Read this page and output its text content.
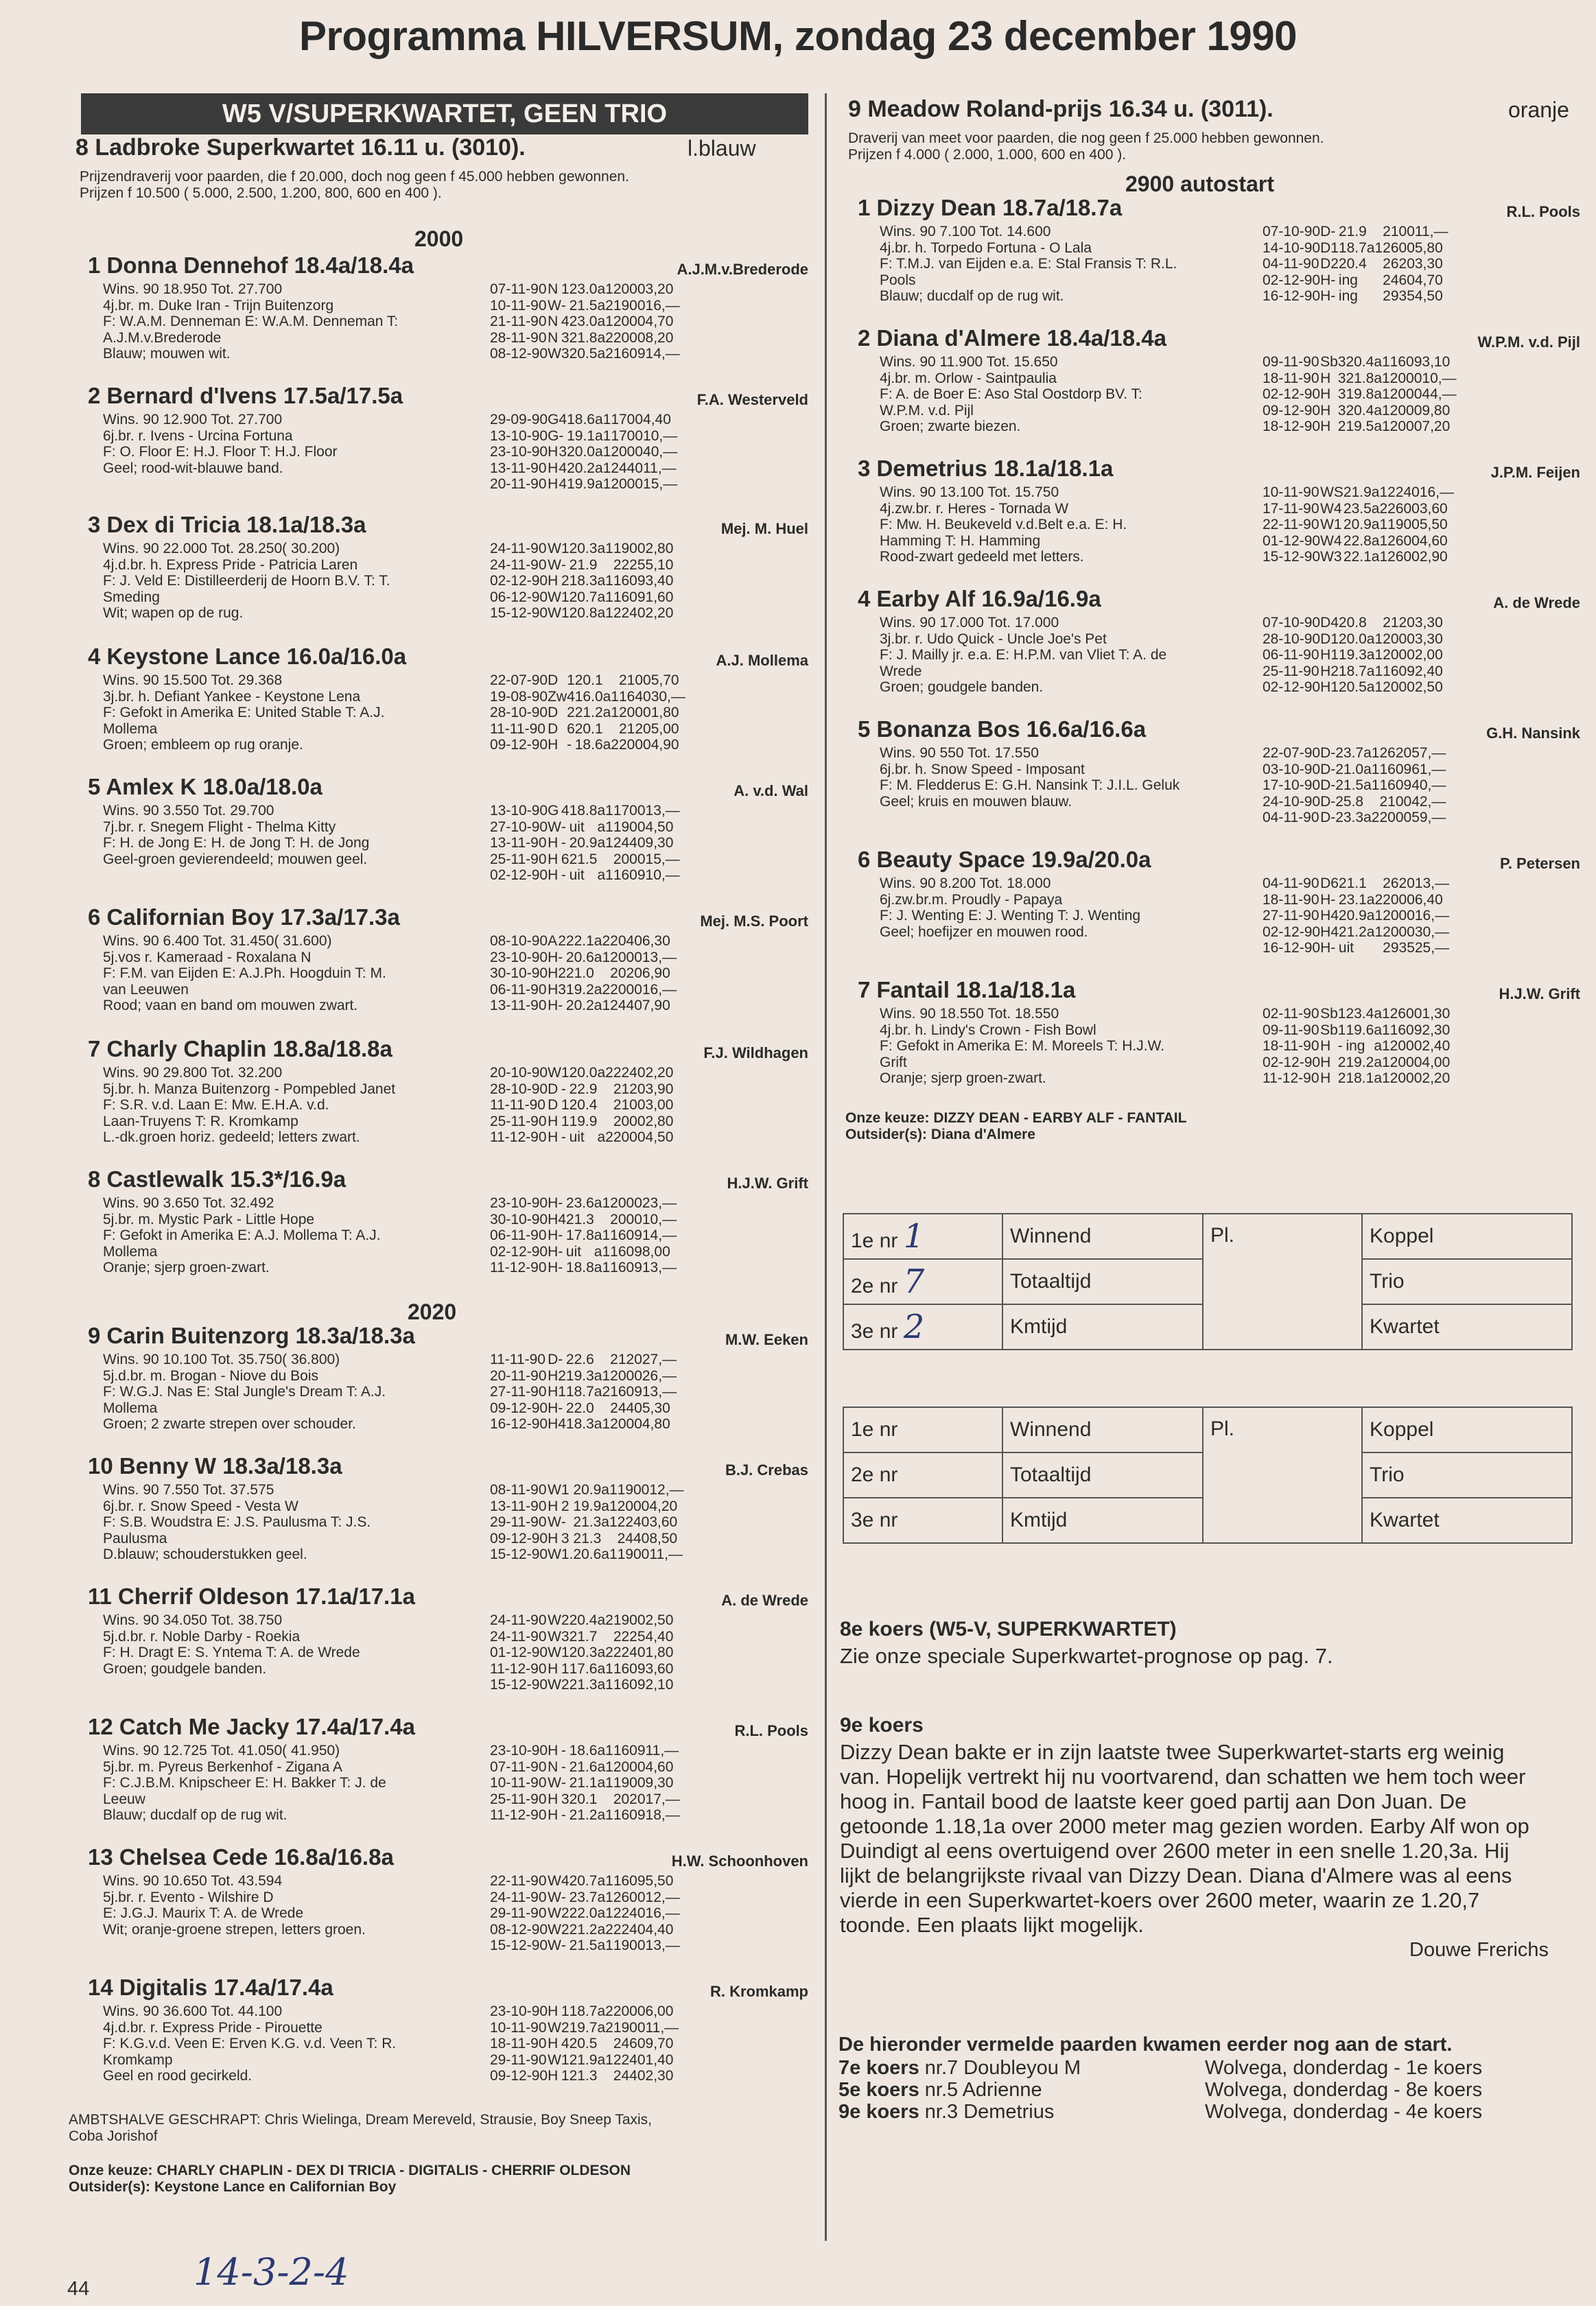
Programma HILVERSUM, zondag 23 december 1990
W5 V/SUPERKWARTET, GEEN TRIO
8 Ladbroke Superkwartet 16.11 u. (3010).	l.blauw
Prijzendraverij voor paarden, die f 20.000, doch nog geen f 45.000 hebben gewonnen.
Prijzen f 10.500 ( 5.000, 2.500, 1.200, 800, 600 en 400 ).
2000
2020
1 Donna Dennehof 18.4a/18.4a	A.J.M.v.Brederode
Wins. 90 18.950 Tot. 27.700
4j.br. m. Duke Iran - Trijn Buitenzorg
F: W.A.M. Denneman E: W.A.M. Denneman T:
A.J.M.v.Brederode
Blauw; mouwen wit.
07-11-90	N	1	23.0	a1	2000	3,20
10-11-90	W	-	21.5	a2	1900	16,—
21-11-90	N	4	23.0	a1	2000	4,70
28-11-90	N	3	21.8	a2	2000	8,20
08-12-90	W	3	20.5	a2	1609	14,—
2 Bernard d'Ivens 17.5a/17.5a	F.A. Westerveld
Wins. 90 12.900 Tot. 27.700
6j.br. r. Ivens - Urcina Fortuna
F: O. Floor E: H.J. Floor T: H.J. Floor
Geel; rood-wit-blauwe band.
29-09-90	G	4	18.6	a1	1700	4,40
13-10-90	G	-	19.1	a1	1700	10,—
23-10-90	H	3	20.0	a1	2000	40,—
13-11-90	H	4	20.2	a1	2440	11,—
20-11-90	H	4	19.9	a1	2000	15,—
3 Dex di Tricia 18.1a/18.3a	Mej. M. Huel
Wins. 90 22.000 Tot. 28.250( 30.200)
4j.d.br. h. Express Pride - Patricia Laren
F: J. Veld E: Distilleerderij de Hoorn B.V. T: T.
Smeding
Wit; wapen op de rug.
24-11-90	W	1	20.3	a1	1900	2,80
24-11-90	W	-	21.9		2225	5,10
02-12-90	H	2	18.3	a1	1609	3,40
06-12-90	W	1	20.7	a1	1609	1,60
15-12-90	W	1	20.8	a1	2240	2,20
4 Keystone Lance 16.0a/16.0a	A.J. Mollema
Wins. 90 15.500 Tot. 29.368
3j.br. h. Defiant Yankee - Keystone Lena
F: Gefokt in Amerika E: United Stable T: A.J.
Mollema
Groen; embleem op rug oranje.
22-07-90	D	1	20.1		2100	5,70
19-08-90	Zw	4	16.0	a1	1640	30,—
28-10-90	D	2	21.2	a1	2000	1,80
11-11-90	D	6	20.1		2120	5,00
09-12-90	H	-	18.6	a2	2000	4,90
5 Amlex K 18.0a/18.0a	A. v.d. Wal
Wins. 90 3.550 Tot. 29.700
7j.br. r. Snegem Flight - Thelma Kitty
F: H. de Jong E: H. de Jong T: H. de Jong
Geel-groen gevierendeeld; mouwen geel.
13-10-90	G	4	18.8	a1	1700	13,—
27-10-90	W	-	uit	a1	1900	4,50
13-11-90	H	-	20.9	a1	2440	9,30
25-11-90	H	6	21.5		2000	15,—
02-12-90	H	-	uit	a1	1609	10,—
6 Californian Boy 17.3a/17.3a	Mej. M.S. Poort
Wins. 90 6.400 Tot. 31.450( 31.600)
5j.vos r. Kameraad - Roxalana N
F: F.M. van Eijden E: A.J.Ph. Hoogduin T: M.
van Leeuwen
Rood; vaan en band om mouwen zwart.
08-10-90	A	2	22.1	a2	2040	6,30
23-10-90	H	-	20.6	a1	2000	13,—
30-10-90	H	2	21.0		2020	6,90
06-11-90	H	3	19.2	a2	2000	16,—
13-11-90	H	-	20.2	a1	2440	7,90
7 Charly Chaplin 18.8a/18.8a	F.J. Wildhagen
Wins. 90 29.800 Tot. 32.200
5j.br. h. Manza Buitenzorg - Pompebled Janet
F: S.R. v.d. Laan E: Mw. E.H.A. v.d.
Laan-Truyens T: R. Kromkamp
L.-dk.groen horiz. gedeeld; letters zwart.
20-10-90	W	1	20.0	a2	2240	2,20
28-10-90	D	-	22.9		2120	3,90
11-11-90	D	1	20.4		2100	3,00
25-11-90	H	1	19.9		2000	2,80
11-12-90	H	-	uit	a2	2000	4,50
8 Castlewalk 15.3*/16.9a	H.J.W. Grift
Wins. 90 3.650 Tot. 32.492
5j.br. m. Mystic Park - Little Hope
F: Gefokt in Amerika E: A.J. Mollema T: A.J.
Mollema
Oranje; sjerp groen-zwart.
23-10-90	H	-	23.6	a1	2000	23,—
30-10-90	H	4	21.3		2000	10,—
06-11-90	H	-	17.8	a1	1609	14,—
02-12-90	H	-	uit	a1	1609	8,00
11-12-90	H	-	18.8	a1	1609	13,—
9 Carin Buitenzorg 18.3a/18.3a	M.W. Eeken
Wins. 90 10.100 Tot. 35.750( 36.800)
5j.d.br. m. Brogan - Niove du Bois
F: W.G.J. Nas E: Stal Jungle's Dream T: A.J.
Mollema
Groen; 2 zwarte strepen over schouder.
11-11-90	D	-	22.6		2120	27,—
20-11-90	H	2	19.3	a1	2000	26,—
27-11-90	H	1	18.7	a2	1609	13,—
09-12-90	H	-	22.0		2440	5,30
16-12-90	H	4	18.3	a1	2000	4,80
10 Benny W 18.3a/18.3a	B.J. Crebas
Wins. 90 7.550 Tot. 37.575
6j.br. r. Snow Speed - Vesta W
F: S.B. Woudstra E: J.S. Paulusma T: J.S.
Paulusma
D.blauw; schouderstukken geel.
08-11-90	W	1	20.9	a1	1900	12,—
13-11-90	H	2	19.9	a1	2000	4,20
29-11-90	W	-	21.3	a1	2240	3,60
09-12-90	H	3	21.3		2440	8,50
15-12-90	W	1.	20.6	a1	1900	11,—
11 Cherrif Oldeson 17.1a/17.1a	A. de Wrede
Wins. 90 34.050 Tot. 38.750
5j.d.br. r. Noble Darby - Roekia
F: H. Dragt E: S. Yntema T: A. de Wrede
Groen; goudgele banden.
24-11-90	W	2	20.4	a2	1900	2,50
24-11-90	W	3	21.7		2225	4,40
01-12-90	W	1	20.3	a2	2240	1,80
11-12-90	H	1	17.6	a1	1609	3,60
15-12-90	W	2	21.3	a1	1609	2,10
12 Catch Me Jacky 17.4a/17.4a	R.L. Pools
Wins. 90 12.725 Tot. 41.050( 41.950)
5j.br. m. Pyreus Berkenhof - Zigana A
F: C.J.B.M. Knipscheer E: H. Bakker T: J. de
Leeuw
Blauw; ducdalf op de rug wit.
23-10-90	H	-	18.6	a1	1609	11,—
07-11-90	N	-	21.6	a1	2000	4,60
10-11-90	W	-	21.1	a1	1900	9,30
25-11-90	H	3	20.1		2020	17,—
11-12-90	H	-	21.2	a1	1609	18,—
13 Chelsea Cede 16.8a/16.8a	H.W. Schoonhoven
Wins. 90 10.650 Tot. 43.594
5j.br. r. Evento - Wilshire D
E: J.G.J. Maurix T: A. de Wrede
Wit; oranje-groene strepen, letters groen.
22-11-90	W	4	20.7	a1	1609	5,50
24-11-90	W	-	23.7	a1	2600	12,—
29-11-90	W	2	22.0	a1	2240	16,—
08-12-90	W	2	21.2	a2	2240	4,40
15-12-90	W	-	21.5	a1	1900	13,—
14 Digitalis 17.4a/17.4a	R. Kromkamp
Wins. 90 36.600 Tot. 44.100
4j.d.br. r. Express Pride - Pirouette
F: K.G.v.d. Veen E: Erven K.G. v.d. Veen T: R.
Kromkamp
Geel en rood gecirkeld.
23-10-90	H	1	18.7	a2	2000	6,00
10-11-90	W	2	19.7	a2	1900	11,—
18-11-90	H	4	20.5		2460	9,70
29-11-90	W	1	21.9	a1	2240	1,40
09-12-90	H	1	21.3		2440	2,30
AMBTSHALVE GESCHRAPT: Chris Wielinga, Dream Mereveld, Strausie, Boy Sneep Taxis,
Coba Jorishof
Onze keuze: CHARLY CHAPLIN - DEX DI TRICIA - DIGITALIS - CHERRIF OLDESON
Outsider(s): Keystone Lance en Californian Boy
9 Meadow Roland-prijs 16.34 u. (3011).	oranje
Draverij van meet voor paarden, die nog geen f 25.000 hebben gewonnen.
Prijzen f 4.000 ( 2.000, 1.000, 600 en 400 ).
2900 autostart
1 Dizzy Dean 18.7a/18.7a	R.L. Pools
Wins. 90 7.100 Tot. 14.600
4j.br. h. Torpedo Fortuna - O Lala
F: T.M.J. van Eijden e.a. E: Stal Fransis T: R.L.
Pools
Blauw; ducdalf op de rug wit.
07-10-90	D	-	21.9		2100	11,—
14-10-90	D	1	18.7	a1	2600	5,80
04-11-90	D	2	20.4		2620	3,30
02-12-90	H	-	ing		2460	4,70
16-12-90	H	-	ing		2935	4,50
2 Diana d'Almere 18.4a/18.4a	W.P.M. v.d. Pijl
Wins. 90 11.900 Tot. 15.650
4j.br. m. Orlow - Saintpaulia
F: A. de Boer E: Aso Stal Oostdorp BV. T:
W.P.M. v.d. Pijl
Groen; zwarte biezen.
09-11-90	Sb	3	20.4	a1	1609	3,10
18-11-90	H	3	21.8	a1	2000	10,—
02-12-90	H	3	19.8	a1	2000	44,—
09-12-90	H	3	20.4	a1	2000	9,80
18-12-90	H	2	19.5	a1	2000	7,20
3 Demetrius 18.1a/18.1a	J.P.M. Feijen
Wins. 90 13.100 Tot. 15.750
4j.zw.br. r. Heres - Tornada W
F: Mw. H. Beukeveld v.d.Belt e.a. E: H.
Hamming T: H. Hamming
Rood-zwart gedeeld met letters.
10-11-90	W	S	21.9	a1	2240	16,—
17-11-90	W	4	23.5	a2	2600	3,60
22-11-90	W	1	20.9	a1	1900	5,50
01-12-90	W	4	22.8	a1	2600	4,60
15-12-90	W	3	22.1	a1	2600	2,90
4 Earby Alf 16.9a/16.9a	A. de Wrede
Wins. 90 17.000 Tot. 17.000
3j.br. r. Udo Quick - Uncle Joe's Pet
F: J. Mailly jr. e.a. E: H.P.M. van Vliet T: A. de
Wrede
Groen; goudgele banden.
07-10-90	D	4	20.8		2120	3,30
28-10-90	D	1	20.0	a1	2000	3,30
06-11-90	H	1	19.3	a1	2000	2,00
25-11-90	H	2	18.7	a1	1609	2,40
02-12-90	H	1	20.5	a1	2000	2,50
5 Bonanza Bos 16.6a/16.6a	G.H. Nansink
Wins. 90 550 Tot. 17.550
6j.br. h. Snow Speed - Imposant
F: M. Fledderus E: G.H. Nansink T: J.I.L. Geluk
Geel; kruis en mouwen blauw.
22-07-90	D	-	23.7	a1	2620	57,—
03-10-90	D	-	21.0	a1	1609	61,—
17-10-90	D	-	21.5	a1	1609	40,—
24-10-90	D	-	25.8		2100	42,—
04-11-90	D	-	23.3	a2	2000	59,—
6 Beauty Space 19.9a/20.0a	P. Petersen
Wins. 90 8.200 Tot. 18.000
6j.zw.br.m. Proudly - Papaya
F: J. Wenting E: J. Wenting T: J. Wenting
Geel; hoefijzer en mouwen rood.
04-11-90	D	6	21.1		2620	13,—
18-11-90	H	-	23.1	a2	2000	6,40
27-11-90	H	4	20.9	a1	2000	16,—
02-12-90	H	4	21.2	a1	2000	30,—
16-12-90	H	-	uit		2935	25,—
7 Fantail 18.1a/18.1a	H.J.W. Grift
Wins. 90 18.550 Tot. 18.550
4j.br. h. Lindy's Crown - Fish Bowl
F: Gefokt in Amerika E: M. Moreels T: H.J.W.
Grift
Oranje; sjerp groen-zwart.
02-11-90	Sb	1	23.4	a1	2600	1,30
09-11-90	Sb	1	19.6	a1	1609	2,30
18-11-90	H	-	ing	a1	2000	2,40
02-12-90	H	2	19.2	a1	2000	4,00
11-12-90	H	2	18.1	a1	2000	2,20
Onze keuze: DIZZY DEAN - EARBY ALF - FANTAIL
Outsider(s): Diana d'Almere
1e nr 1	Winnend	Pl.	Koppel
2e nr 7	Totaaltijd		Trio
3e nr 2	Kmtijd		Kwartet
1e nr	Winnend	Pl.	Koppel
2e nr	Totaaltijd		Trio
3e nr	Kmtijd		Kwartet
8e koers (W5-V, SUPERKWARTET)
Zie onze speciale Superkwartet-prognose op pag. 7.
9e koers
Dizzy Dean bakte er in zijn laatste twee Superkwartet-starts erg weinig
van. Hopelijk vertrekt hij nu voortvarend, dan schatten we hem toch weer
hoog in. Fantail bood de laatste keer goed partij aan Don Juan. De
getoonde 1.18,1a over 2000 meter mag gezien worden. Earby Alf won op
Duindigt al eens overtuigend over 2600 meter in een snelle 1.20,3a. Hij
lijkt de belangrijkste rivaal van Dizzy Dean. Diana d'Almere was al eens
vierde in een Superkwartet-koers over 2600 meter, waarin ze 1.20,7
toonde. Een plaats lijkt mogelijk.
Douwe Frerichs
De hieronder vermelde paarden kwamen eerder nog aan de start.
7e koers nr.7 Doubleyou M	Wolvega, donderdag - 1e koers
5e koers nr.5 Adrienne	Wolvega, donderdag - 8e koers
9e koers nr.3 Demetrius	Wolvega, donderdag - 4e koers
44	14-3-2-4
